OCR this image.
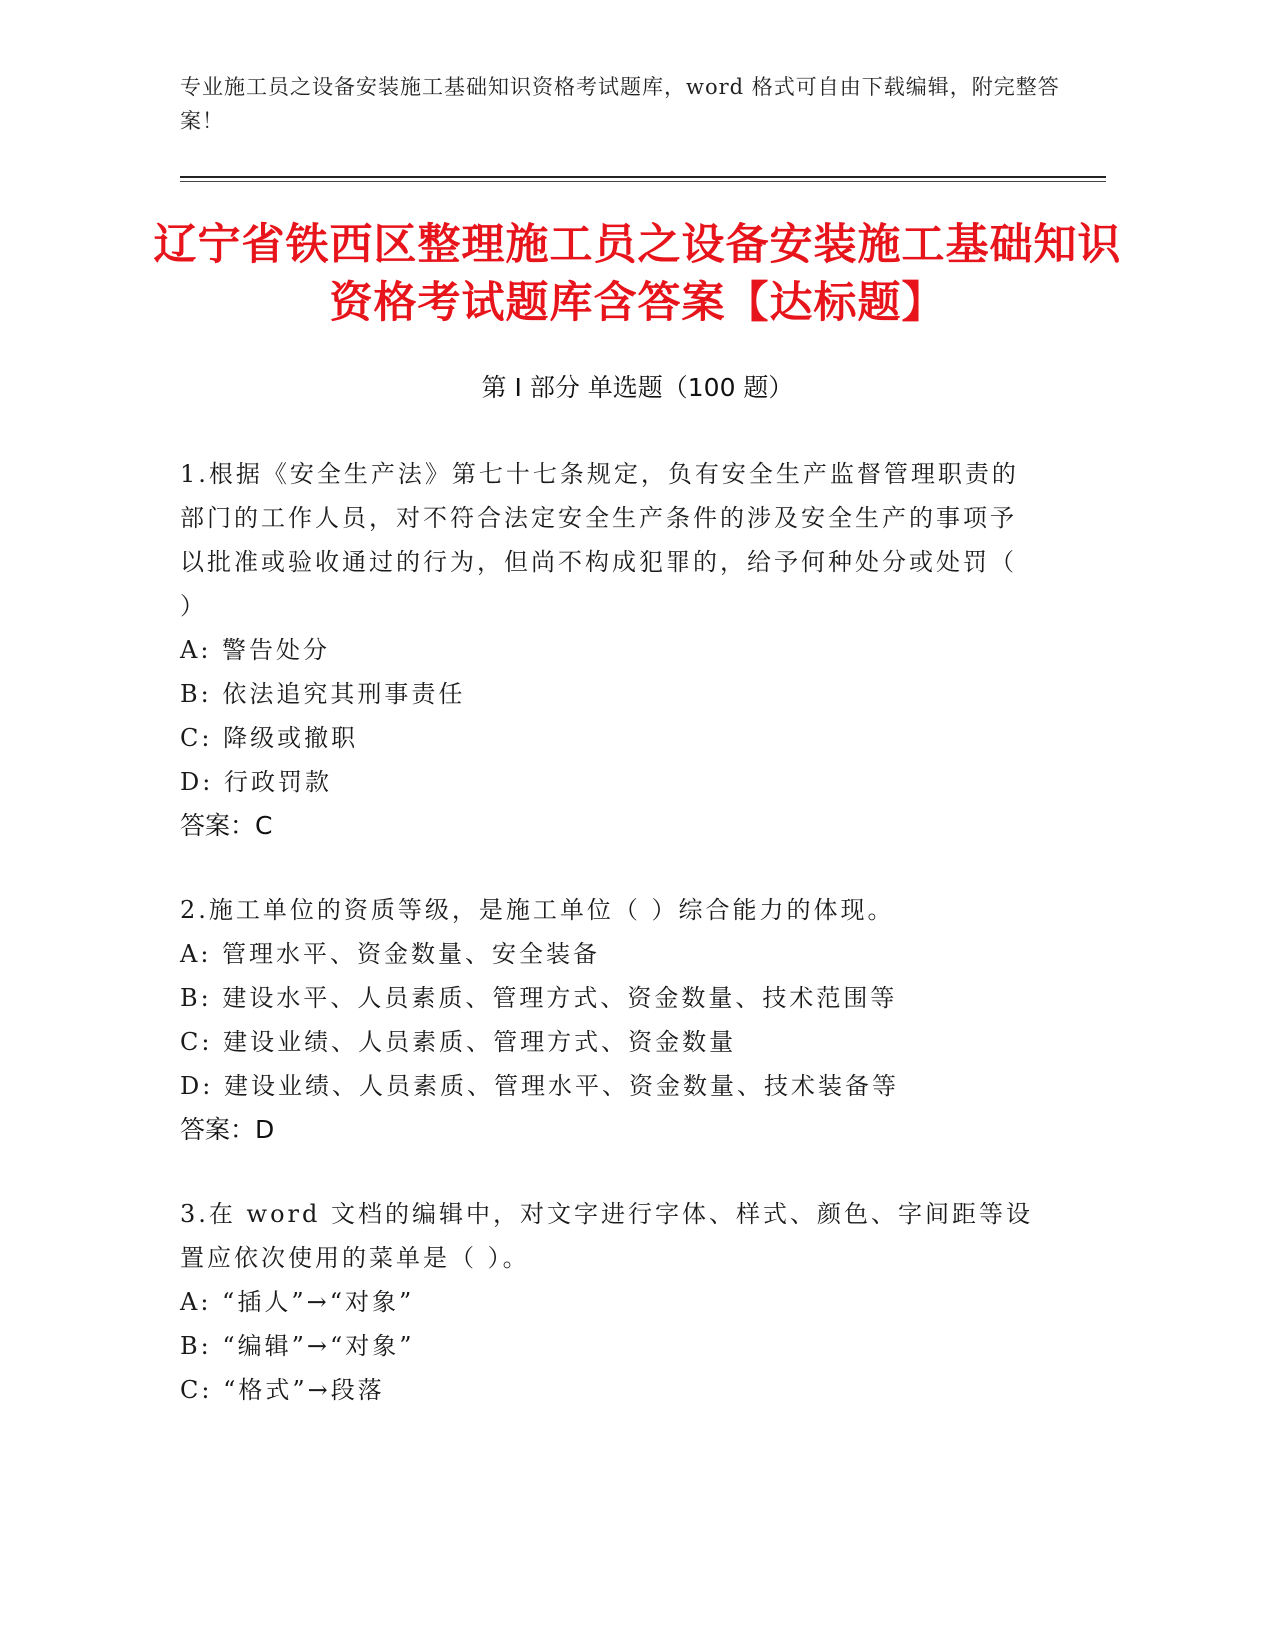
专业施工员之设备安装施工基础知识资格考试题库，word 格式可自由下载编辑，附完整答案！
辽宁省铁西区整理施工员之设备安装施工基础知识资格考试题库含答案【达标题】
第 I 部分 单选题（100 题）
1.根据《安全生产法》第七十七条规定，负有安全生产监督管理职责的部门的工作人员，对不符合法定安全生产条件的涉及安全生产的事项予以批准或验收通过的行为，但尚不构成犯罪的，给予何种处分或处罚（ ）
A: 警告处分
B: 依法追究其刑事责任
C: 降级或撤职
D: 行政罚款
答案：C
2.施工单位的资质等级，是施工单位（ ）综合能力的体现。
A: 管理水平、资金数量、安全装备
B: 建设水平、人员素质、管理方式、资金数量、技术范围等
C: 建设业绩、人员素质、管理方式、资金数量
D: 建设业绩、人员素质、管理水平、资金数量、技术装备等
答案：D
3.在 word 文档的编辑中，对文字进行字体、样式、颜色、字间距等设置应依次使用的菜单是（ ）。
A: “插人”→“对象”
B: “编辑”→“对象”
C: “格式”→段落
